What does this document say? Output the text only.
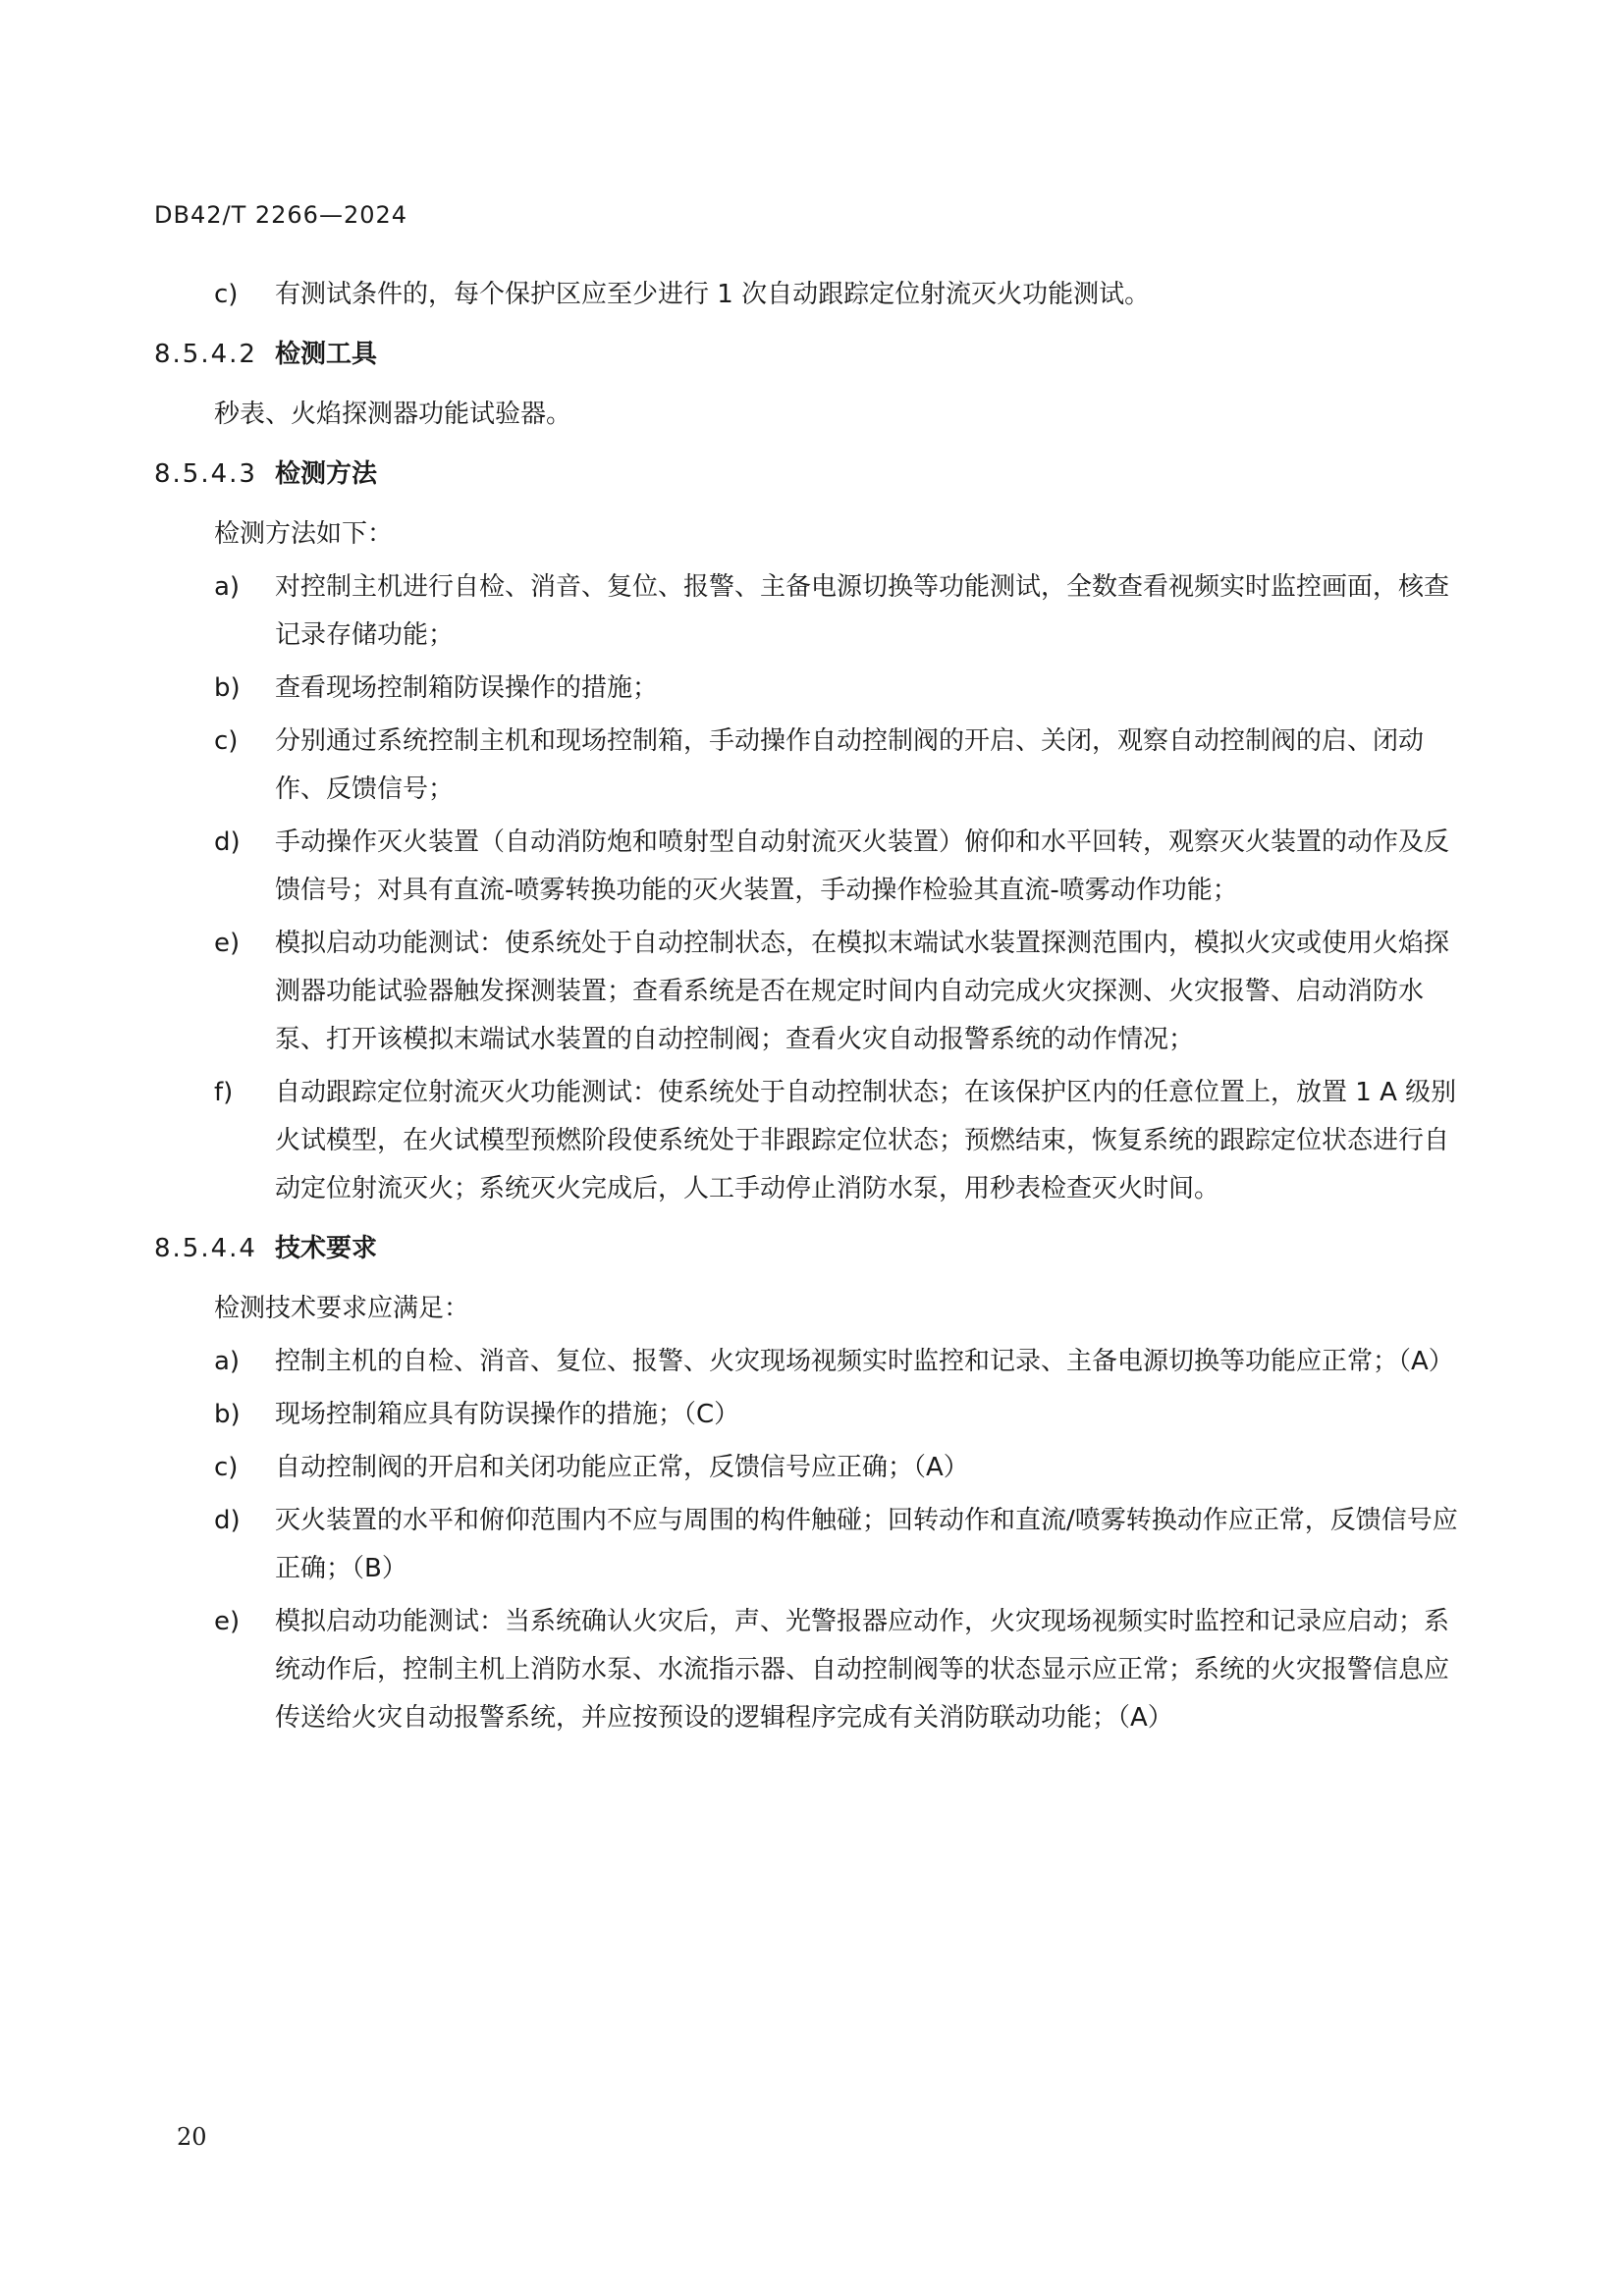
DB42/T 2266—2024
c) 有测试条件的，每个保护区应至少进行 1 次自动跟踪定位射流灭火功能测试。
8.5.4.2 检测工具
秒表、火焰探测器功能试验器。
8.5.4.3 检测方法
检测方法如下：
a) 对控制主机进行自检、消音、复位、报警、主备电源切换等功能测试，全数查看视频实时监控画面，核查记录存储功能；
b) 查看现场控制箱防误操作的措施；
c) 分别通过系统控制主机和现场控制箱，手动操作自动控制阀的开启、关闭，观察自动控制阀的启、闭动作、反馈信号；
d) 手动操作灭火装置（自动消防炮和喷射型自动射流灭火装置）俯仰和水平回转，观察灭火装置的动作及反馈信号；对具有直流-喷雾转换功能的灭火装置，手动操作检验其直流-喷雾动作功能；
e) 模拟启动功能测试：使系统处于自动控制状态，在模拟末端试水装置探测范围内，模拟火灾或使用火焰探测器功能试验器触发探测装置；查看系统是否在规定时间内自动完成火灾探测、火灾报警、启动消防水泵、打开该模拟末端试水装置的自动控制阀；查看火灾自动报警系统的动作情况；
f) 自动跟踪定位射流灭火功能测试：使系统处于自动控制状态；在该保护区内的任意位置上，放置 1 A 级别火试模型，在火试模型预燃阶段使系统处于非跟踪定位状态；预燃结束，恢复系统的跟踪定位状态进行自动定位射流灭火；系统灭火完成后，人工手动停止消防水泵，用秒表检查灭火时间。
8.5.4.4 技术要求
检测技术要求应满足：
a) 控制主机的自检、消音、复位、报警、火灾现场视频实时监控和记录、主备电源切换等功能应正常；（A）
b) 现场控制箱应具有防误操作的措施；（C）
c) 自动控制阀的开启和关闭功能应正常，反馈信号应正确；（A）
d) 灭火装置的水平和俯仰范围内不应与周围的构件触碰；回转动作和直流/喷雾转换动作应正常，反馈信号应正确；（B）
e) 模拟启动功能测试：当系统确认火灾后，声、光警报器应动作，火灾现场视频实时监控和记录应启动；系统动作后，控制主机上消防水泵、水流指示器、自动控制阀等的状态显示应正常；系统的火灾报警信息应传送给火灾自动报警系统，并应按预设的逻辑程序完成有关消防联动功能；（A）
20
